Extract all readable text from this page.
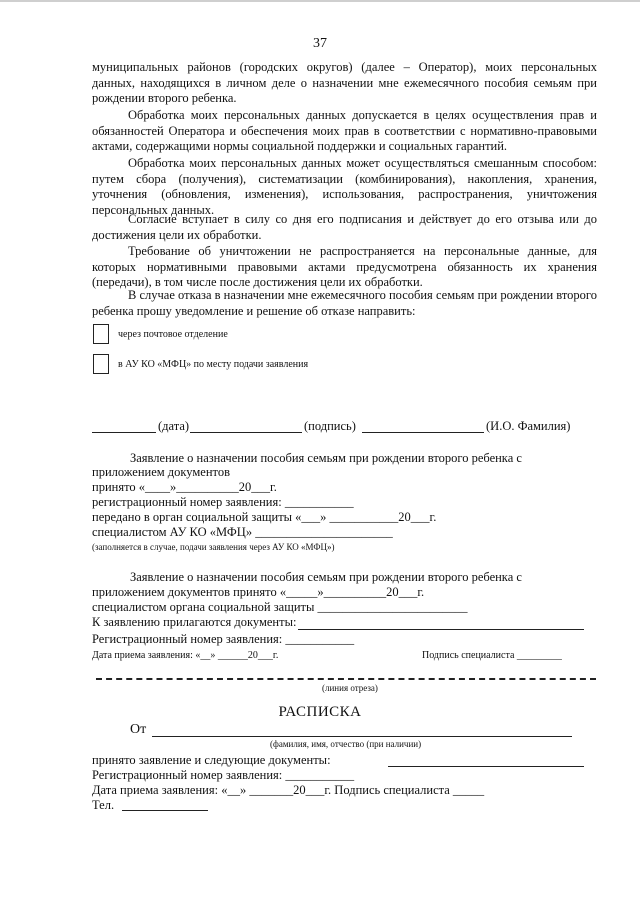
37
муниципальных районов (городских округов) (далее – Оператор), моих персональных данных, находящихся в личном деле о назначении мне ежемесячного пособия семьям при рождении второго ребенка.
Обработка моих персональных данных допускается в целях осуществления прав и обязанностей Оператора и обеспечения моих прав в соответствии с нормативно-правовыми актами, содержащими нормы социальной поддержки и социальных гарантий.
Обработка моих персональных данных может осуществляться смешанным способом: путем сбора (получения), систематизации (комбинирования), накопления, хранения, уточнения (обновления, изменения), использования, распространения, уничтожения персональных данных.
Согласие вступает в силу со дня его подписания и действует до его отзыва или до достижения цели их обработки.
Требование об уничтожении не распространяется на персональные данные, для которых нормативными правовыми актами предусмотрена обязанность их хранения (передачи), в том числе после достижения цели их обработки.
В случае отказа в назначении мне ежемесячного пособия семьям при рождении второго ребенка прошу уведомление и решение об отказе направить:
через почтовое отделение
в АУ КО «МФЦ» по месту подачи заявления
(дата)	(подпись)	(И.О. Фамилия)
Заявление о назначении пособия семьям при рождении второго ребенка с
приложением документов
принято «____»__________20___г.
регистрационный номер заявления: ___________
передано в орган социальной защиты «___» ___________20___г.
специалистом АУ КО «МФЦ» ______________________
(заполняется в случае, подачи заявления через АУ КО «МФЦ»)
Заявление о назначении пособия семьям при рождении второго ребенка с
приложением документов принято «_____»__________20___г.
специалистом органа социальной защиты ________________________
К заявлению прилагаются документы:
Регистрационный номер заявления: ___________
Дата приема заявления: «__» ______20___г.	Подпись специалиста _________
(линия отреза)
РАСПИСКА
От
(фамилия, имя, отчество (при наличии)
принято заявление и следующие документы:
Регистрационный номер заявления: ___________
Дата приема заявления: «__» _______20___г. Подпись специалиста _____
Тел.
